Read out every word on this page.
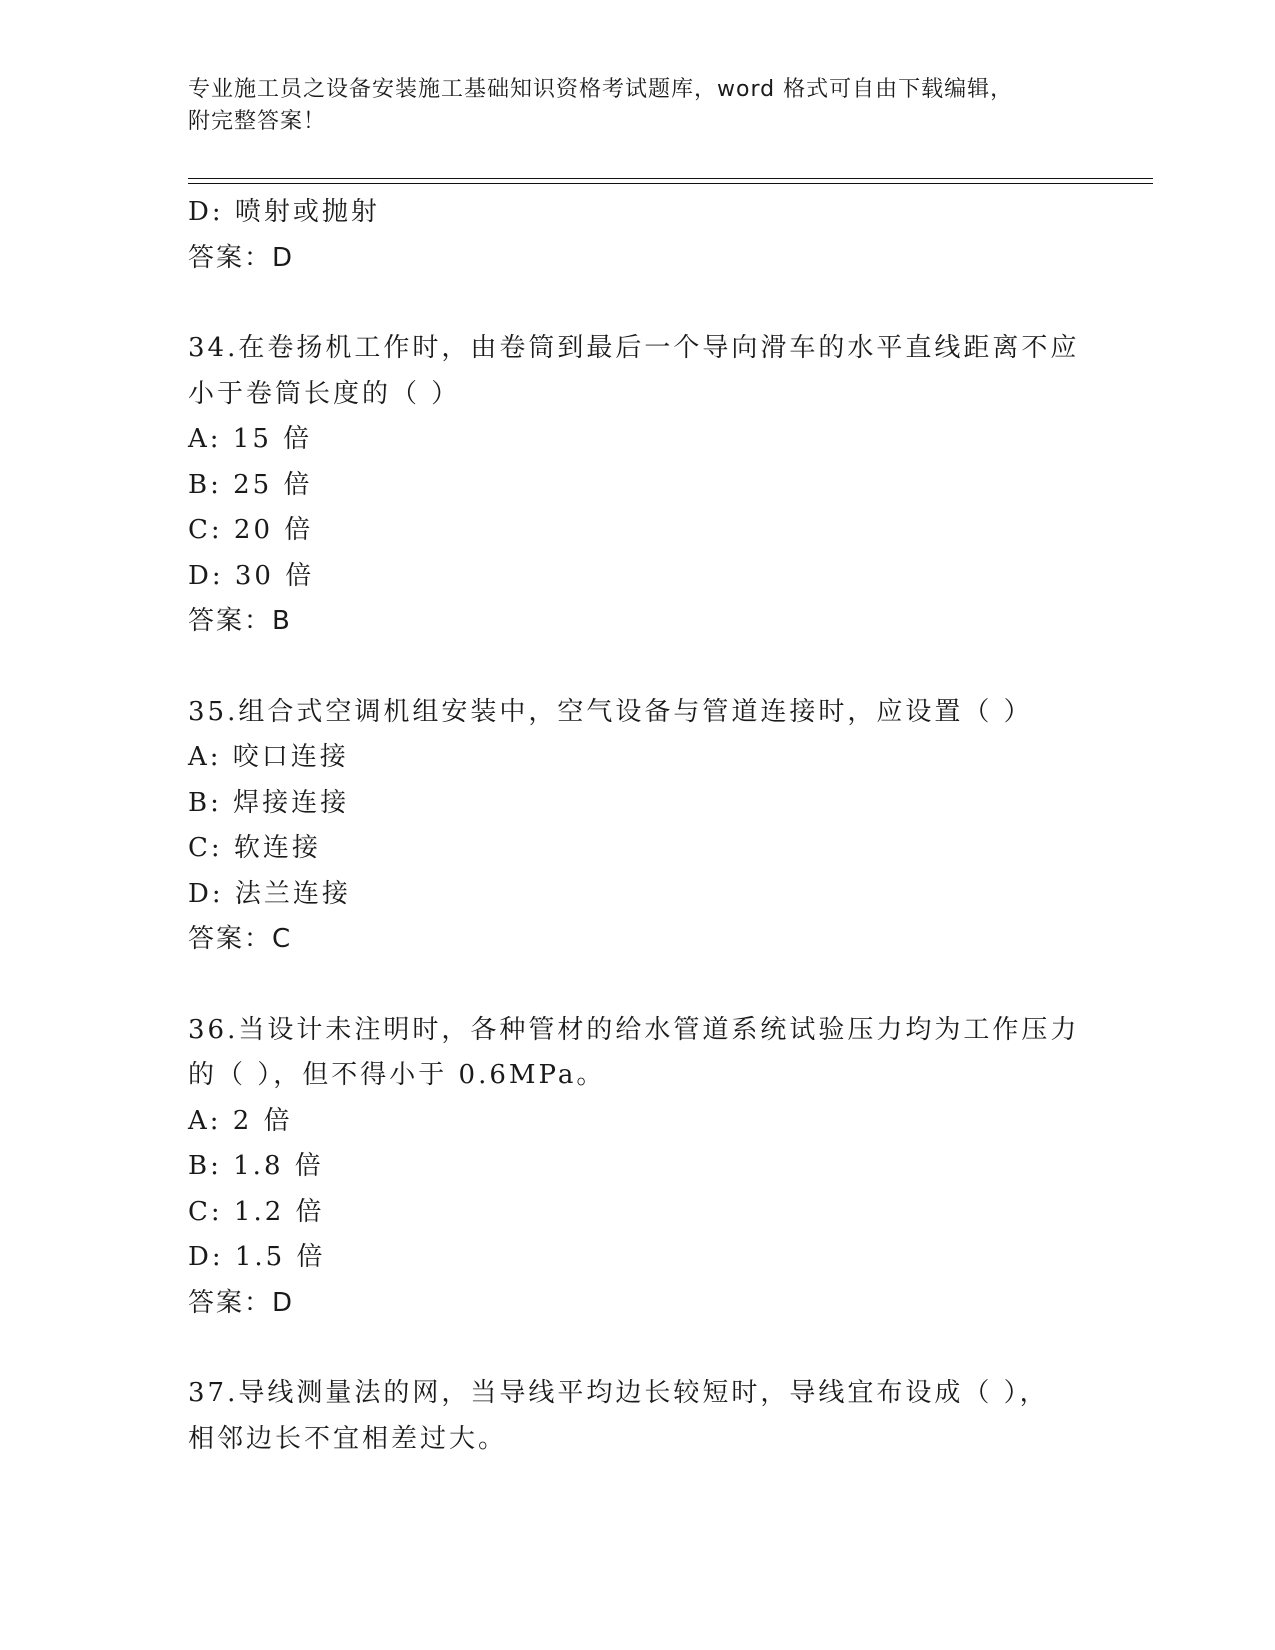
专业施工员之设备安装施工基础知识资格考试题库，word 格式可自由下载编辑，
附完整答案！
D: 喷射或抛射
答案：D
34.在卷扬机工作时，由卷筒到最后一个导向滑车的水平直线距离不应
小于卷筒长度的（ ）
A: 15 倍
B: 25 倍
C: 20 倍
D: 30 倍
答案：B
35.组合式空调机组安装中，空气设备与管道连接时，应设置（ ）
A: 咬口连接
B: 焊接连接
C: 软连接
D: 法兰连接
答案：C
36.当设计未注明时，各种管材的给水管道系统试验压力均为工作压力
的（ ），但不得小于 0.6MPa。
A: 2 倍
B: 1.8 倍
C: 1.2 倍
D: 1.5 倍
答案：D
37.导线测量法的网，当导线平均边长较短时，导线宜布设成（ ），
相邻边长不宜相差过大。
